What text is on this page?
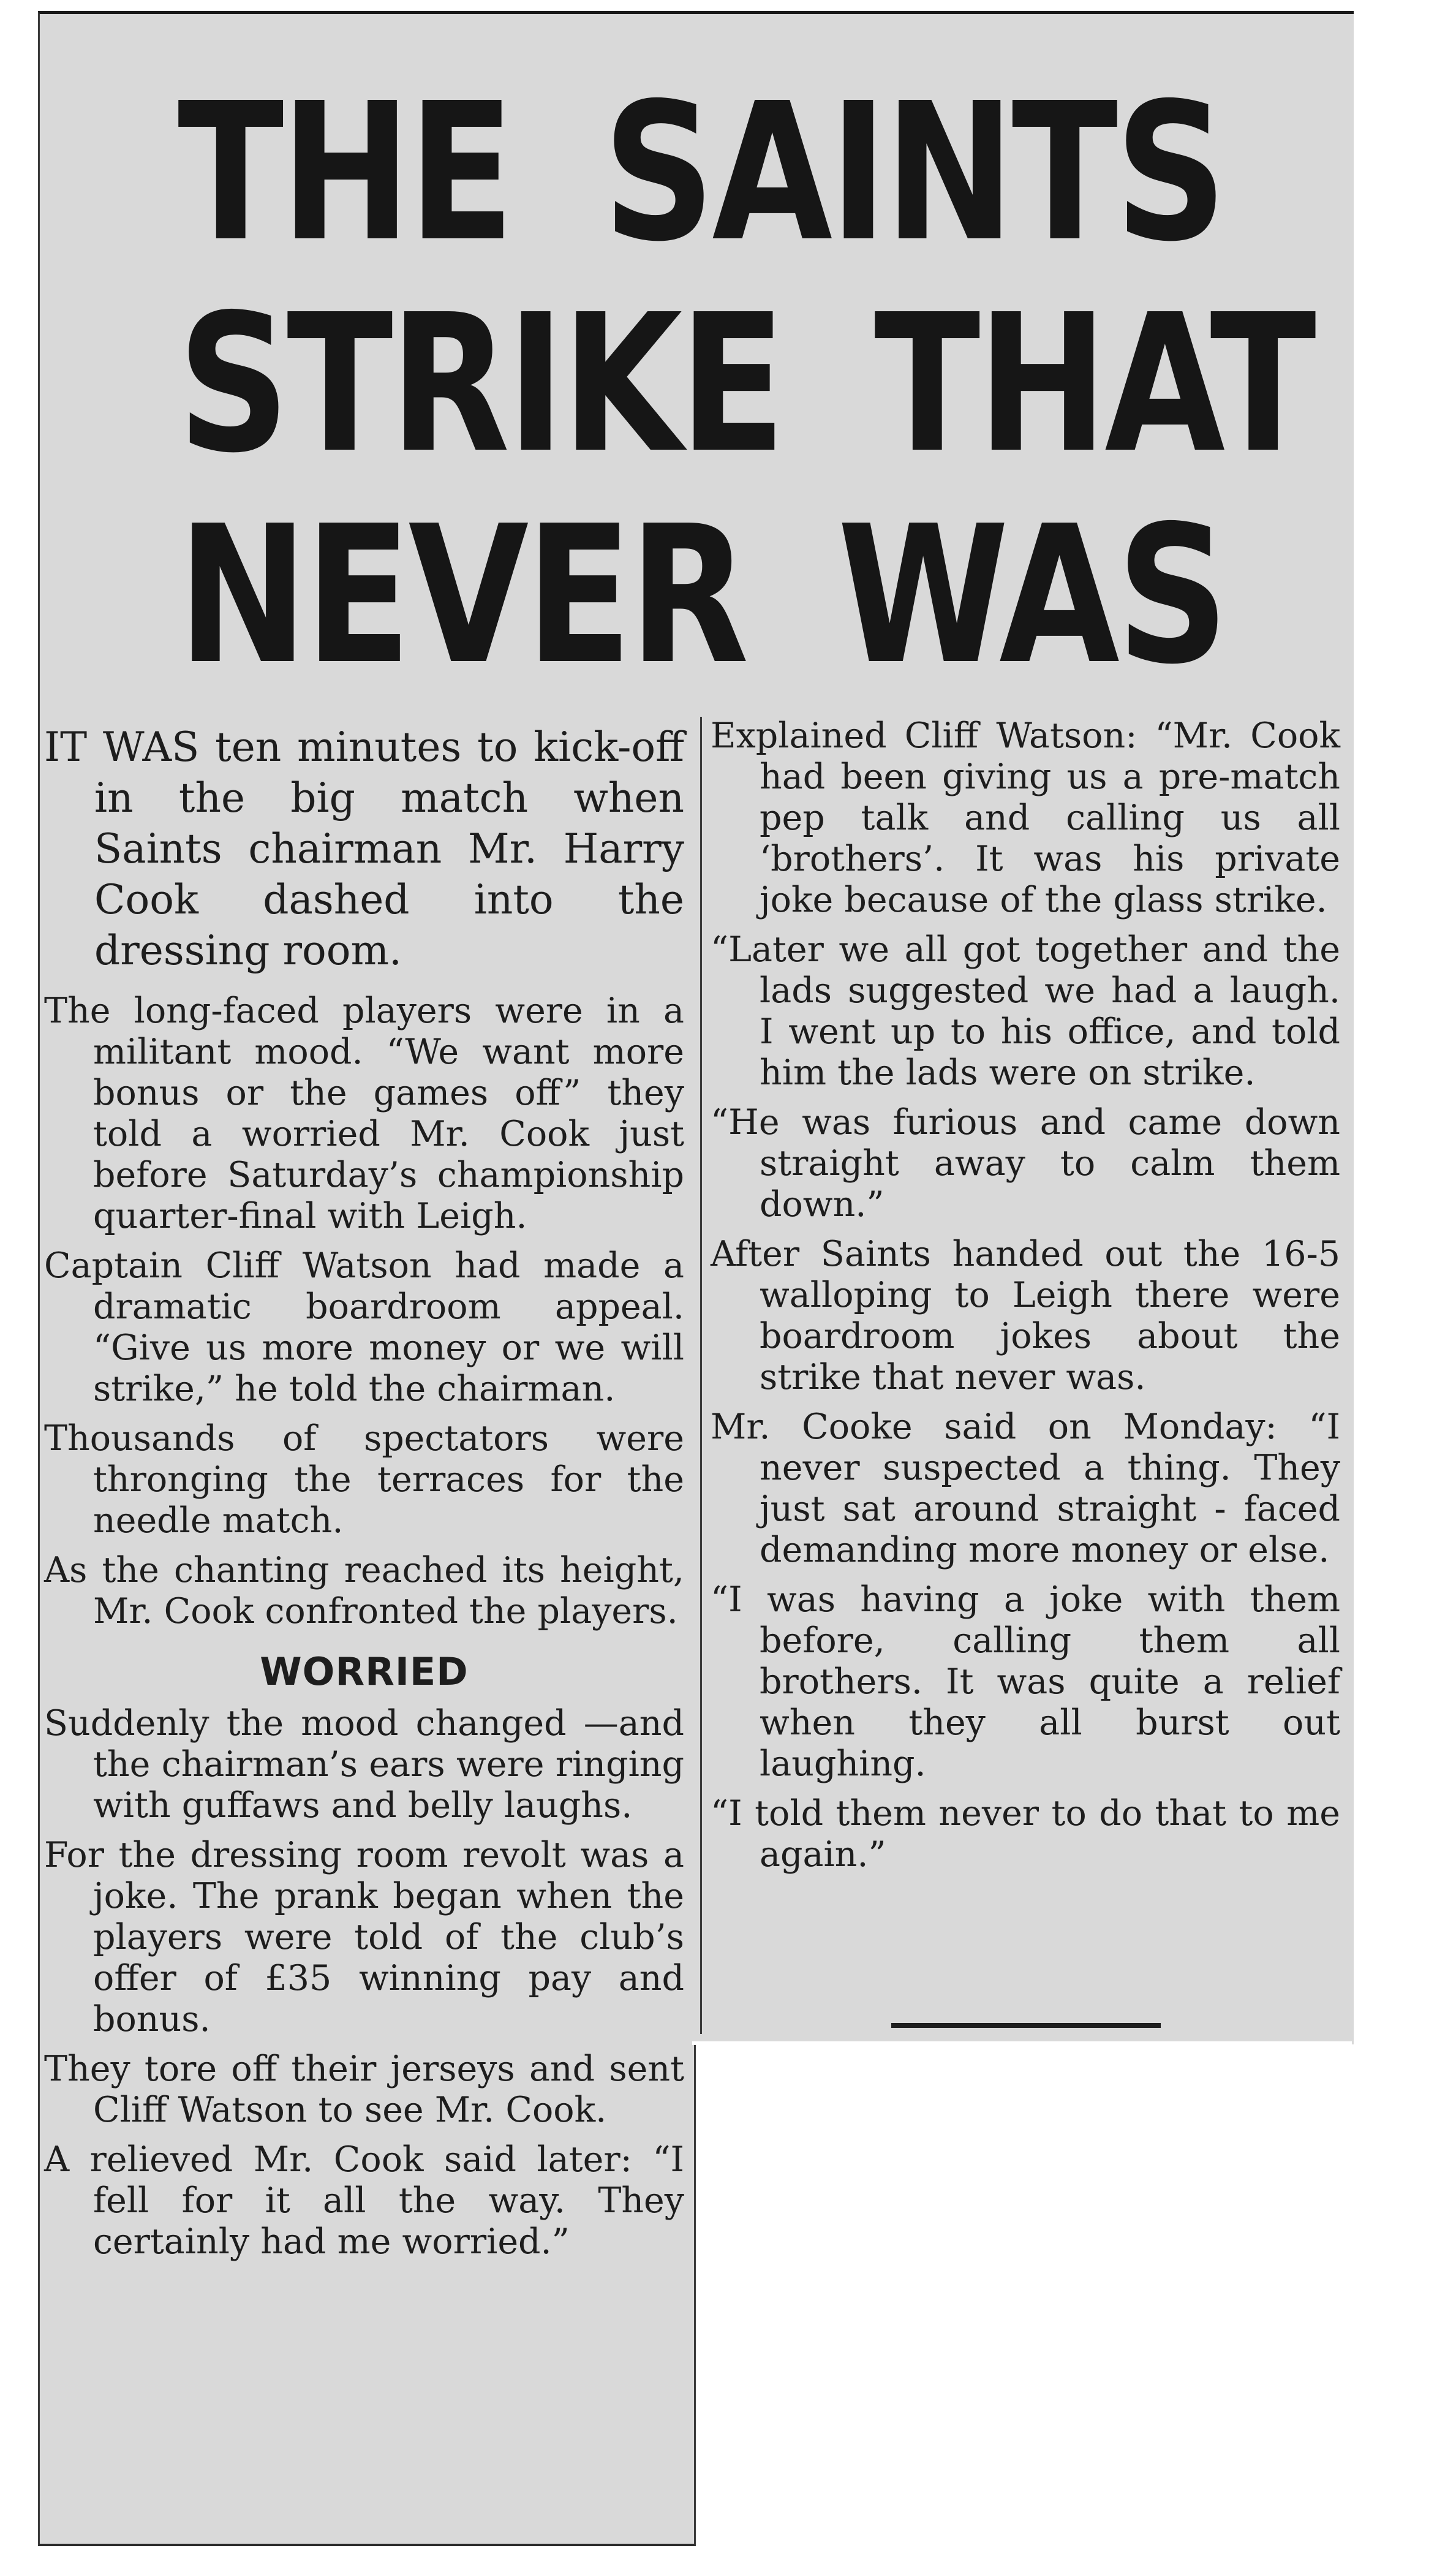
THE SAINTS
STRIKE THAT
NEVER WAS
IT WAS ten minutes to kick-off in the big match when Saints chairman Mr. Harry Cook dashed into the dressing room.
The long-faced players were in a militant mood. “We want more bonus or the games off” they told a worried Mr. Cook just before Saturday’s championship quarter-final with Leigh.
Captain Cliff Watson had made a dramatic boardroom appeal. “Give us more money or we will strike,” he told the chairman.
Thousands of spectators were thronging the terraces for the needle match.
As the chanting reached its height, Mr. Cook confronted the players.
WORRIED
Suddenly the mood changed —and the chairman’s ears were ringing with guffaws and belly laughs.
For the dressing room revolt was a joke. The prank began when the players were told of the club’s offer of £35 winning pay and bonus.
They tore off their jerseys and sent Cliff Watson to see Mr. Cook.
A relieved Mr. Cook said later: “I fell for it all the way. They certainly had me worried.”
Explained Cliff Watson: “Mr. Cook had been giving us a pre-match pep talk and calling us all ‘brothers’. It was his private joke because of the glass strike.
“Later we all got together and the lads suggested we had a laugh. I went up to his office, and told him the lads were on strike.
“He was furious and came down straight away to calm them down.”
After Saints handed out the 16-5 walloping to Leigh there were boardroom jokes about the strike that never was.
Mr. Cooke said on Monday: “I never suspected a thing. They just sat around straight - faced demanding more money or else.
“I was having a joke with them before, calling them all brothers. It was quite a relief when they all burst out laughing.
“I told them never to do that to me again.”
